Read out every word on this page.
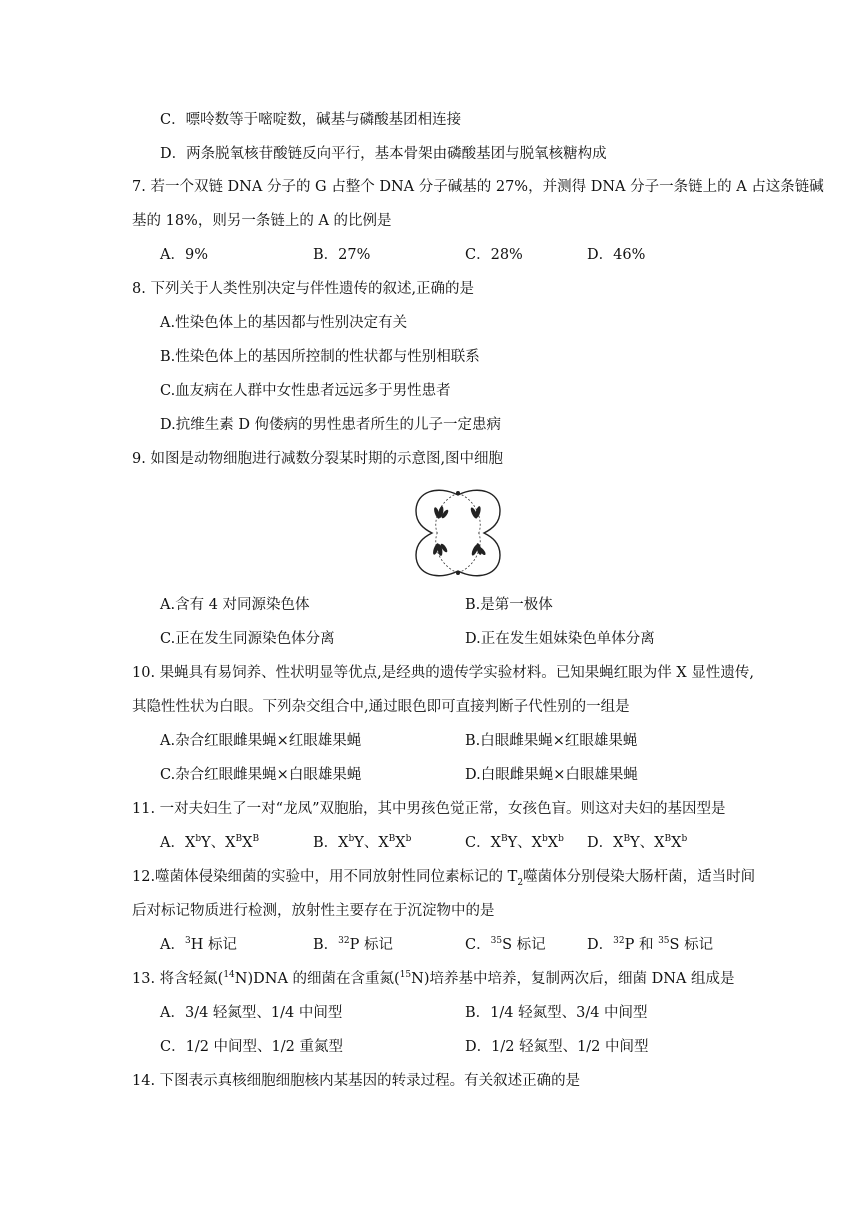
C．嘌呤数等于嘧啶数，碱基与磷酸基团相连接
D．两条脱氧核苷酸链反向平行，基本骨架由磷酸基团与脱氧核糖构成
7. 若一个双链 DNA 分子的 G 占整个 DNA 分子碱基的 27%，并测得 DNA 分子一条链上的 A 占这条链碱
基的 18%，则另一条链上的 A 的比例是
A．9%	B．27%	C．28%	D．46%
8. 下列关于人类性别决定与伴性遗传的叙述,正确的是
A.性染色体上的基因都与性别决定有关
B.性染色体上的基因所控制的性状都与性别相联系
C.血友病在人群中女性患者远远多于男性患者
D.抗维生素 D 佝偻病的男性患者所生的儿子一定患病
9. 如图是动物细胞进行减数分裂某时期的示意图,图中细胞
A.含有 4 对同源染色体	B.是第一极体
C.正在发生同源染色体分离	D.正在发生姐妹染色单体分离
10. 果蝇具有易饲养、性状明显等优点,是经典的遗传学实验材料。已知果蝇红眼为伴 X 显性遗传,
其隐性性状为白眼。下列杂交组合中,通过眼色即可直接判断子代性别的一组是
A.杂合红眼雌果蝇×红眼雄果蝇	B.白眼雌果蝇×红眼雄果蝇
C.杂合红眼雌果蝇×白眼雄果蝇	D.白眼雌果蝇×白眼雄果蝇
11. 一对夫妇生了一对“龙凤”双胞胎，其中男孩色觉正常，女孩色盲。则这对夫妇的基因型是
A．$X^bY$、$X^BX^B$	B．$X^bY$、$X^BX^b$	C．$X^BY$、$X^bX^b$ D．$X^BY$、$X^BX^b$
12.噬菌体侵染细菌的实验中，用不同放射性同位素标记的 $T_2$噬菌体分别侵染大肠杆菌，适当时间
后对标记物质进行检测，放射性主要存在于沉淀物中的是
A．$^3$H 标记	B．$^{32}$P 标记	C．$^{35}$S 标记	D．$^{32}$P 和 $^{35}$S 标记
13. 将含轻氮($^{14}$N)DNA 的细菌在含重氮($^{15}$N)培养基中培养，复制两次后，细菌 DNA 组成是
A．3/4 轻氮型、1/4 中间型	B．1/4 轻氮型、3/4 中间型
C．1/2 中间型、1/2 重氮型	D．1/2 轻氮型、1/2 中间型
14. 下图表示真核细胞细胞核内某基因的转录过程。有关叙述正确的是
